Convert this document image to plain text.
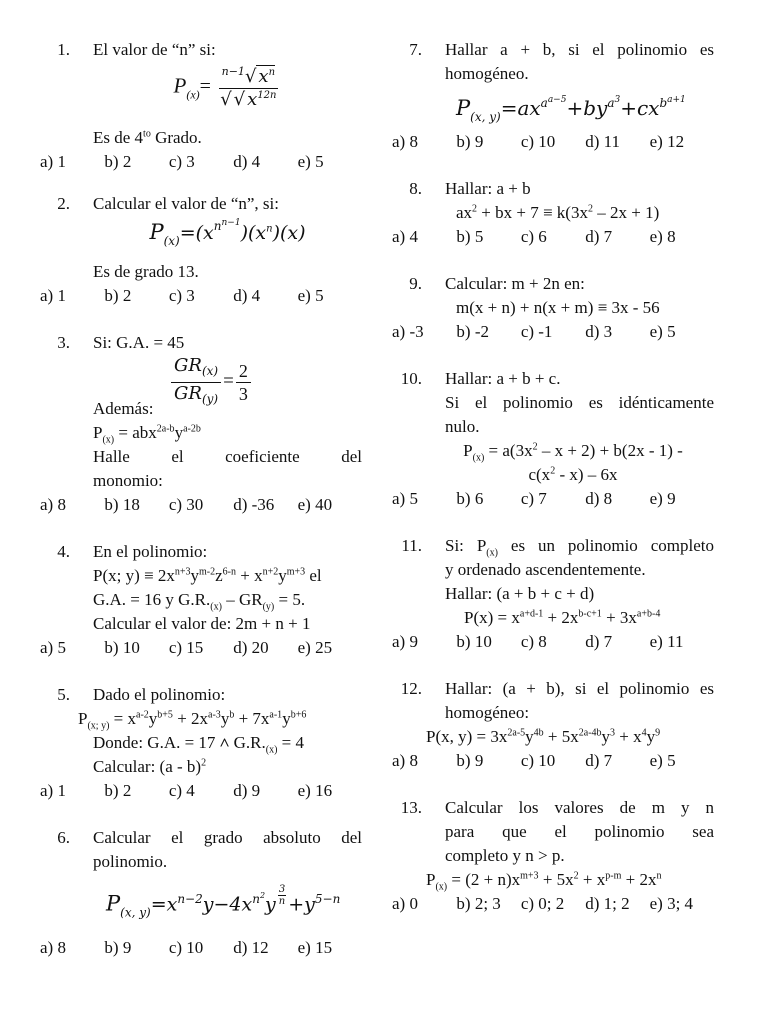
1. El valor de “n” si:
$P_{(x)}= \frac{^{n-1}√ x^n}{√ √ x^{12n}}$
Es de $4^{to}$ Grado.
a) 1	b) 2	c) 3	d) 4	e) 5
2. Calcular el valor de “n”, si:
$P_{(x)}=(x^{n^{n-1}})(x^n)(x)$
Es de grado 13.
a) 1	b) 2	c) 3	d) 4	e) 5
3. Si: G.A. = 45
$\frac{GR_{(x)}}{GR_{(y)}} = \frac{2}{3}$
Además:
$P_{(x)} = abx^{2a-b}y^{a-2b}$
Halle el coeficiente del
monomio:
a) 8	b) 18	c) 30	d) -36	e) 40
4. En el polinomio:
P(x; $y) \equiv 2x^{n+3}y^{m-2}z^{6-n} + x^{n+2}y^{m+3}$ el
G.A. = 16 y $G.R._{(x)} - GR_{(y)} = 5$.
Calcular el valor de: 2m + n + 1
a) 5	b) 10	c) 15	d) 20	e) 25
5. Dado el polinomio:
$P_{(x; y)} = x^{a-2}y^{b+5} + 2x^{a-3}y^b + 7x^{a-1}y^{b+6}$
Donde: G.A. = 17 ˄ $G.R._{(x)} = 4$
Calcular: (a - b)$^2$
a) 1	b) 2	c) 4	d) 9	e) 16
6. Calcular el grado absoluto del
polinomio.
$P_{(x, y)}=x^{n-2}y-4x^{n^2}y$ $^{\frac{3}{n}} +y^{5-n}$
a) 8	b) 9	c) 10	d) 12	e) 15
7. Hallar a + b, si el polinomio es
homogéneo.
$P_{(x, y)}=ax^{a^{a-5}}+by^{a^3}+cx^{b^{a+1}}$
a) 8	b) 9	c) 10	d) 11	e) 12
8. Hallar: a + b
$ax^2$ + bx + $7 \equiv k(3x^2 - 2x + 1)$
a) 4	b) 5	c) 6	d) 7	e) 8
9. Calcular: m + 2n en:
m(x + n) + n(x + m) ≡ 3x - 56
a) -3	b) -2	c) -1	d) 3	e) 5
10. Hallar: a + b + c.
Si el polinomio es idénticamente
nulo.
$P_{(x)} = a(3x^2 - x + 2) + b(2x - 1)$ -
$c(x^2 - x) - 6x$
a) 5	b) 6	c) 7	d) 8	e) 9
11. Si: $P_{(x)}$ es un polinomio completo
y ordenado ascendentemente.
Hallar: (a + b + c + d)
$P(x) = x^{a+d-1} + 2x^{b-c+1} + 3x^{a+b-4}$
a) 9	b) 10	c) 8	d) 7	e) 11
12. Hallar: (a + b), si el polinomio es
homogéneo:
P(x, $y) = 3x^{2a-5}y^{4b} + 5x^{2a-4b}y^3 + x^4y^9$
a) 8	b) 9	c) 10	d) 7	e) 5
13. Calcular los valores de m y n
para que el polinomio sea
completo y n > p.
$P_{(x)} = (2 + n)x^{m+3} + 5x^2 + x^{p-m} + 2x^n$
a) 0	b) 2; 3	c) 0; 2	d) 1; 2	e) 3; 4
